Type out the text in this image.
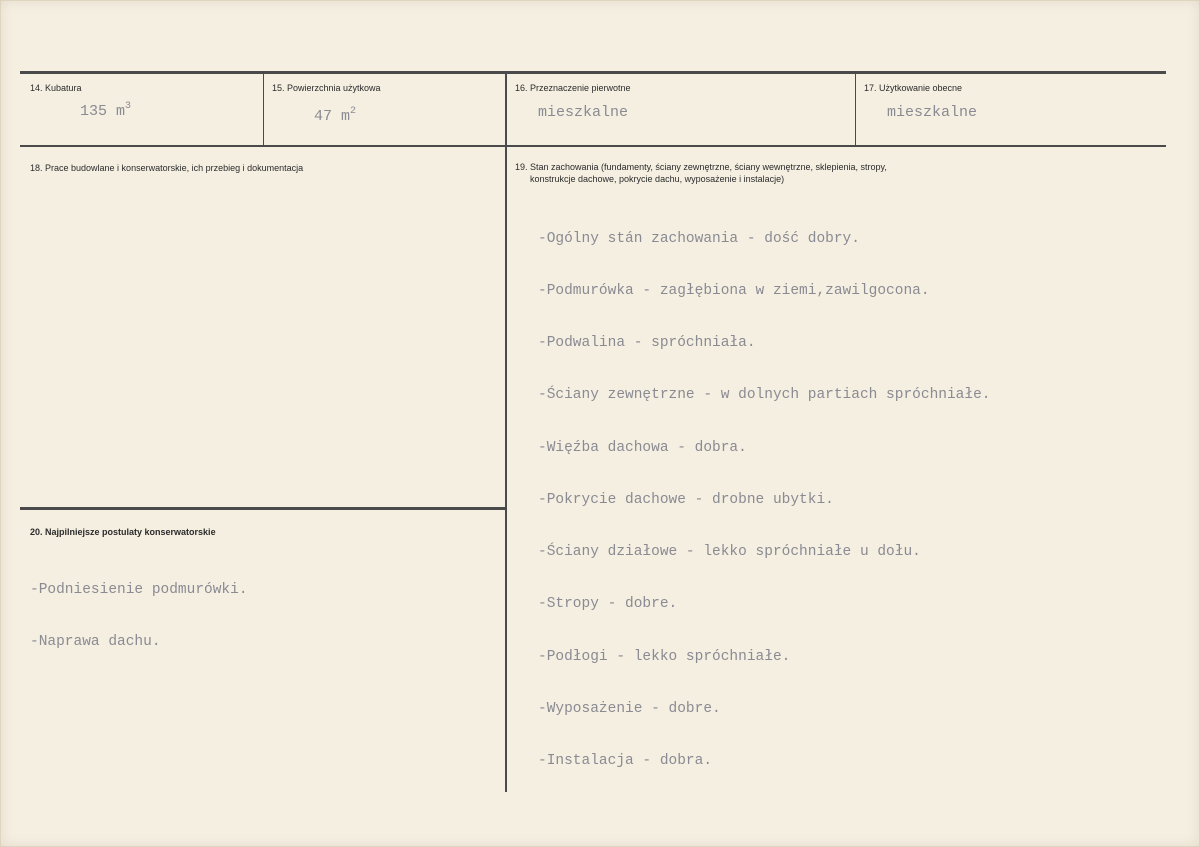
14. Kubatura
135 $m^3$
15. Powierzchnia użytkowa
47 $m^2$
16. Przeznaczenie pierwotne
mieszkalne
17. Użytkowanie obecne
mieszkalne
18. Prace budowlane i konserwatorskie, ich przebieg i dokumentacja	19. Stan zachowania (fundamenty, ściany zewnętrzne, ściany wewnętrzne, sklepienia, stropy,
konstrukcje dachowe, pokrycie dachu, wyposażenie i instalacje)

-Ogólny stán zachowania - dość dobry.

-Podmurówka - zagłębiona w ziemi,zawilgocona.

-Podwalina - spróchniała.

-Ściany zewnętrzne - w dolnych partiach spróchniałe.

-Więźba dachowa - dobra.

-Pokrycie dachowe - drobne ubytki.

-Ściany działowe - lekko spróchniałe u dołu.

-Stropy - dobre.

-Podłogi - lekko spróchniałe.

-Wyposażenie - dobre.

-Instalacja - dobra.

20. Najpilniejsze postulaty konserwatorskie

-Podniesienie podmurówki.

-Naprawa dachu.
